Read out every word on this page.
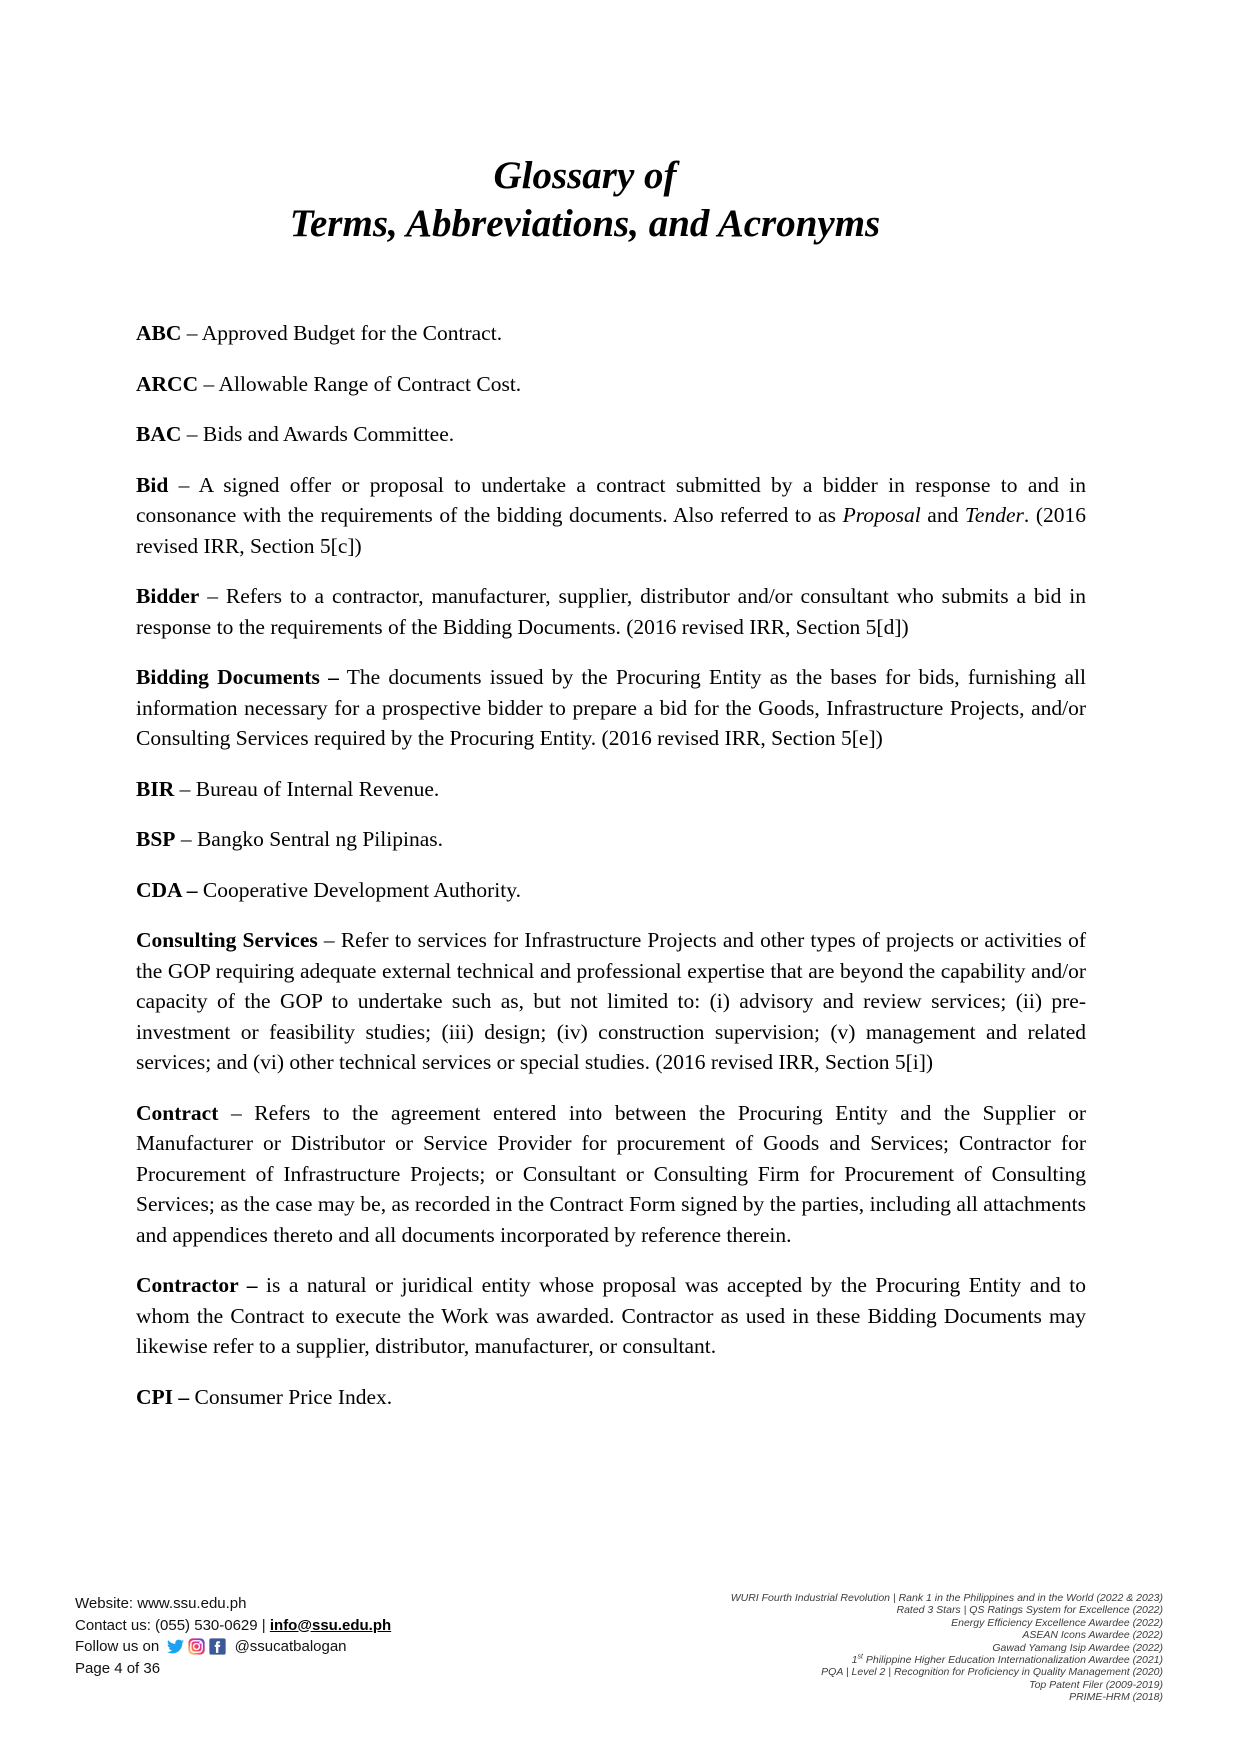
Glossary of
Terms, Abbreviations, and Acronyms

ABC – Approved Budget for the Contract.

ARCC – Allowable Range of Contract Cost.

BAC – Bids and Awards Committee.

Bid – A signed offer or proposal to undertake a contract submitted by a bidder in response to and in consonance with the requirements of the bidding documents. Also referred to as Proposal and Tender. (2016 revised IRR, Section 5[c])

Bidder – Refers to a contractor, manufacturer, supplier, distributor and/or consultant who submits a bid in response to the requirements of the Bidding Documents. (2016 revised IRR, Section 5[d])

Bidding Documents – The documents issued by the Procuring Entity as the bases for bids, furnishing all information necessary for a prospective bidder to prepare a bid for the Goods, Infrastructure Projects, and/or Consulting Services required by the Procuring Entity. (2016 revised IRR, Section 5[e])

BIR – Bureau of Internal Revenue.

BSP – Bangko Sentral ng Pilipinas.

CDA – Cooperative Development Authority.

Consulting Services – Refer to services for Infrastructure Projects and other types of projects or activities of the GOP requiring adequate external technical and professional expertise that are beyond the capability and/or capacity of the GOP to undertake such as, but not limited to: (i) advisory and review services; (ii) pre-investment or feasibility studies; (iii) design; (iv) construction supervision; (v) management and related services; and (vi) other technical services or special studies. (2016 revised IRR, Section 5[i])

Contract – Refers to the agreement entered into between the Procuring Entity and the Supplier or Manufacturer or Distributor or Service Provider for procurement of Goods and Services; Contractor for Procurement of Infrastructure Projects; or Consultant or Consulting Firm for Procurement of Consulting Services; as the case may be, as recorded in the Contract Form signed by the parties, including all attachments and appendices thereto and all documents incorporated by reference therein.

Contractor – is a natural or juridical entity whose proposal was accepted by the Procuring Entity and to whom the Contract to execute the Work was awarded. Contractor as used in these Bidding Documents may likewise refer to a supplier, distributor, manufacturer, or consultant.

CPI – Consumer Price Index.

Website: www.ssu.edu.ph
Contact us: (055) 530-0629 | info@ssu.edu.ph
Follow us on	@ssucatbalogan
Page 4 of 36
WURI Fourth Industrial Revolution | Rank 1 in the Philippines and in the World (2022 & 2023)
Rated 3 Stars | QS Ratings System for Excellence (2022)
Energy Efficiency Excellence Awardee (2022)
ASEAN Icons Awardee (2022)
Gawad Yamang Isip Awardee (2022)
1st Philippine Higher Education Internationalization Awardee (2021)
PQA | Level 2 | Recognition for Proficiency in Quality Management (2020)
Top Patent Filer (2009-2019)
PRIME-HRM (2018)
